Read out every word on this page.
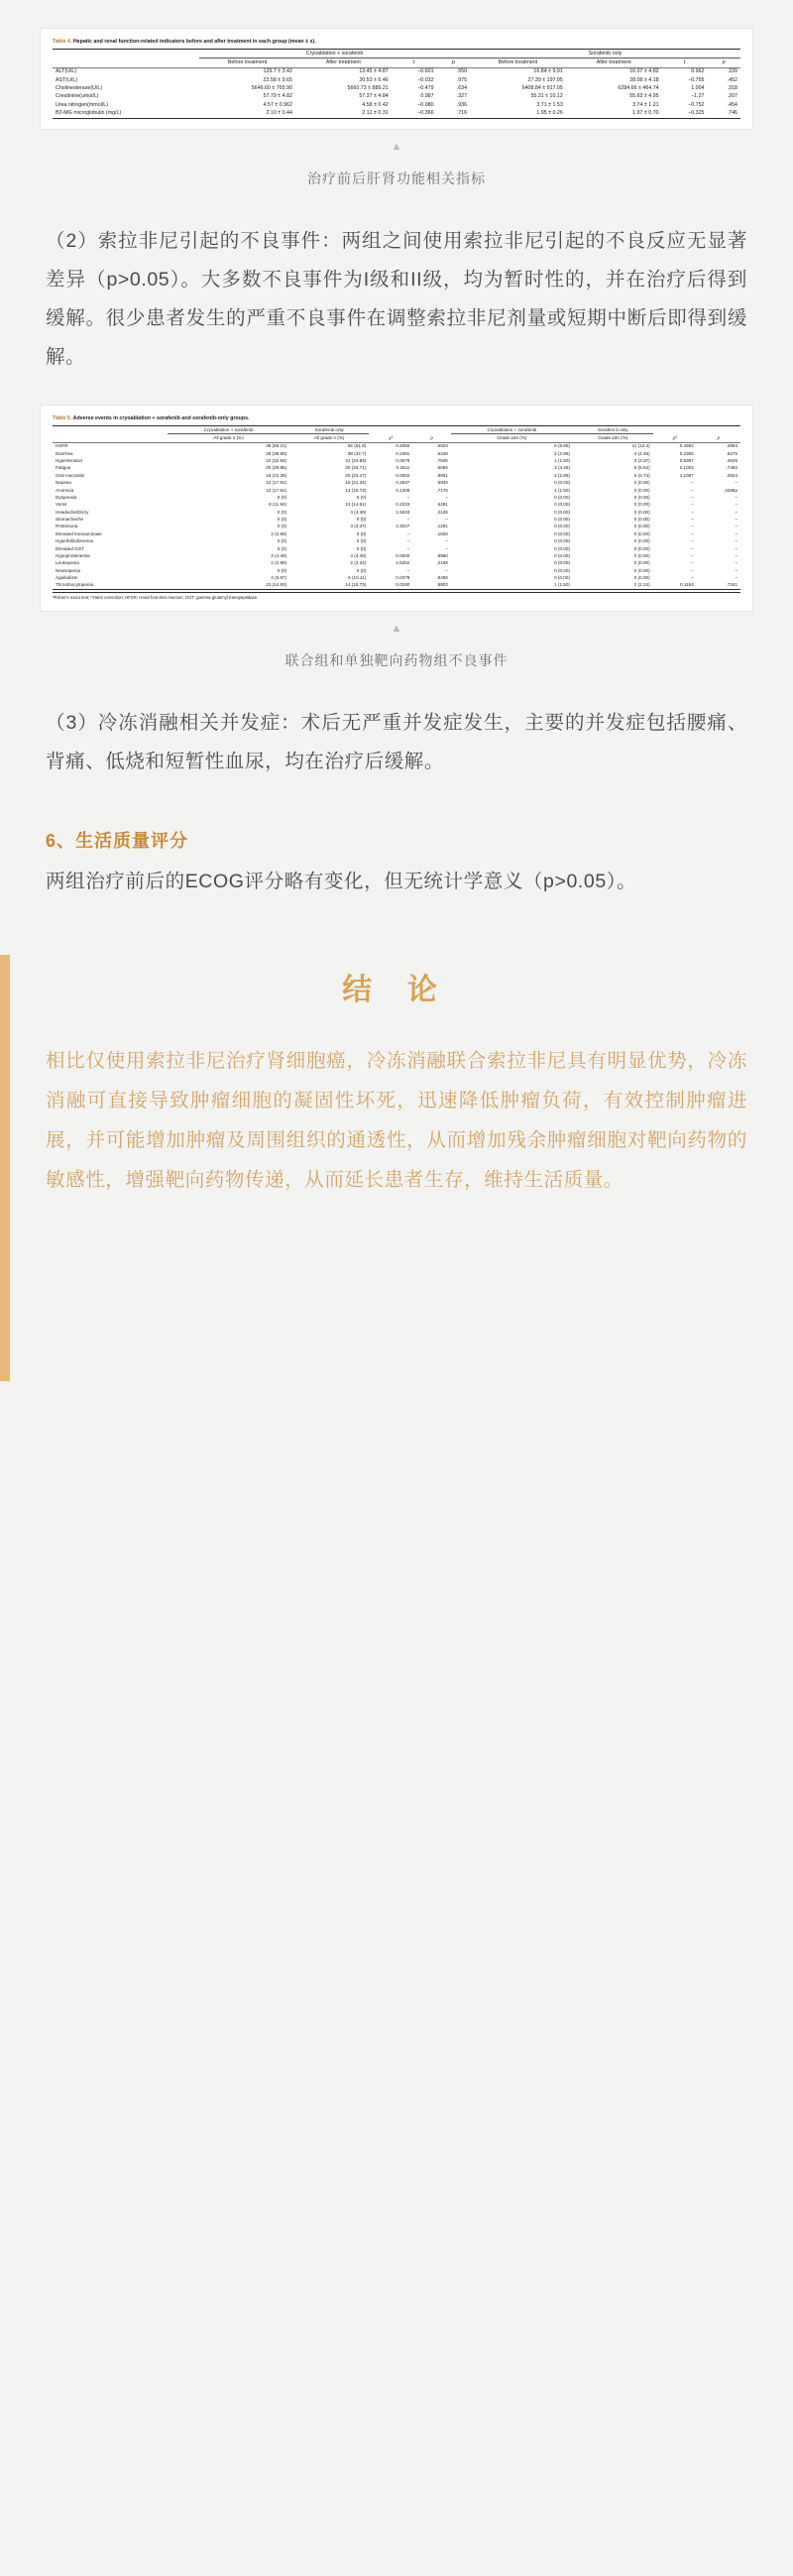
Table 4. Hepatic and renal function-related indicators before and after treatment in each group (mean ± s).
	Cryoablation + sorafenib				Sorafenib only			
	Before treatment	After treatment	t	p	Before treatment	After treatment	t	p
ALT(U/L)	129.7 ± 3.42	13.45 ± 4.87	−0.601	.550	16.84 ± 9.91	16.07 ± 4.82	0.962	.339
AST(U/L)	22.58 ± 9.65	20.53 ± 6.46	−0.032	.975	27.39 ± 197.05	28.09 ± 4.18	−0.755	.452
Cholinesterase(U/L)	5646.60 ± 765.90	5660.73 ± 889.21	−0.479	.634	6408.84 ± 917.05	6284.66 ± 464.74	1.004	.318
Creatinine(umol/L)	57.79 ± 4.82	57.37 ± 4.84	0.987	.327	55.31 ± 10.12	55.63 ± 4.95	−1.27	.207
Urea nitrogen(mmol/L)	4.57 ± 0.962	4.58 ± 0.42	−0.080	.936	3.71 ± 1.53	3.74 ± 1.21	−0.752	.454
B2-MG microglobulin (mg/L)	2.10 ± 0.44	2.12 ± 0.31	−0.366	.716	1.95 ± 0.26	1.97 ± 0.70	−0.325	.746
▲
治疗前后肝肾功能相关指标
（2）索拉非尼引起的不良事件：两组之间使用索拉非尼引起的不良反应无显著差异（p>0.05）。大多数不良事件为I级和II级，均为暂时性的，并在治疗后得到缓解。很少患者发生的严重不良事件在调整索拉非尼剂量或短期中断后即得到缓解。
Table 5. Adverse events in cryoablation + sorafenib and sorafenib-only groups.
	Cryoablation + sorafenib	Sorafenib only			Cryoablation + sorafenib	Sorafeni b only		
	All grade n (%)	All grade n (%)	χ²	p	Grade ≥3n (%)	Grade ≥3n (%)	χ²	p
HSFR	39 (58.21)	55 (61.8)	0.2056	.6503	6 (8.96)	11 (12.4)	0.4562	.4994
Diarrhea	26 (38.80)	38 (42.7)	0.2391	.6248	2 (2.99)	4 (4.49)	0.2355	.6275
Hypertension	22 (32.84)	31 (34.83)	0.0679	.7945	1 (1.50)	3 (3.37)	0.5397	.4625
Fatigue	20 (29.85)	30 (33.71)	0.2611	.6094	3 (4.48)	5 (5.62)	0.1022	.7492
Oral mucositis	15 (22.39)	20 (22.47)	0.0002	.9901	2 (2.99)	6 (6.74)	1.1087	.2924
Nausea	12 (17.91)	19 (21.34)	0.2837	.5943	0 (0.00)	0 (0.00)	–	–
Anorexia	12 (17.91)	14 (15.73)	0.1308	.7176	1 (1.50)	0 (0.00)	–	.4295a
Dyspeusia	0 (0)	0 (0)	–	–	0 (0.00)	0 (0.00)	–	–
Vomit	8 (11.94)	13 (14.61)	0.2333	.6291	0 (0.00)	0 (0.00)	–	–
Headache/Dizzy	0 (0)	4 (4.49)	1.5533	.2126	0 (0.00)	0 (0.00)	–	–
Stomachache	0 (0)	0 (0)	–	–	0 (0.00)	0 (0.00)	–	–
Proteinuria	0 (0)	3 (3.37)	2.3027	.1291	0 (0.00)	0 (0.00)	–	–
Elevated transaminase	2 (2.99)	0 (0)	–	.1829	0 (0.00)	0 (0.00)	–	–
Hyperbilirubinemia	0 (0)	0 (0)	–	–	0 (0.00)	0 (0.00)	–	–
Elevated GGT	0 (0)	0 (0)	–	–	0 (0.00)	0 (0.00)	–	–
Hypoproteinemia	3 (4.48)	4 (4.49)	0.0000	.9960	0 (0.00)	0 (0.00)	–	–
Leukopenia	2 (2.99)	2 (2.24)	1.5252	.2168	0 (0.00)	0 (0.00)	–	–
Neutropenia	0 (0)	0 (0)	–	–	0 (0.00)	0 (0.00)	–	–
Agiobulism	4 (5.97)	6 (10.11)	0.0379	.8456	0 (0.00)	0 (0.00)	–	–
Thrombocytopenia	10 (14.93)	14 (15.73)	0.0190	.8903	1 (1.50)	2 (2.24)	0.1154	.7341
ªFisher's exact test; ᵇYates correction; HFSR: Hand-foot skin reaction; GGT: gamma-glutamyl transpeptidase.
▲
联合组和单独靶向药物组不良事件
（3）冷冻消融相关并发症：术后无严重并发症发生，主要的并发症包括腰痛、背痛、低烧和短暂性血尿，均在治疗后缓解。
6、生活质量评分
两组治疗前后的ECOG评分略有变化，但无统计学意义（p>0.05）。
结 论
相比仅使用索拉非尼治疗肾细胞癌，冷冻消融联合索拉非尼具有明显优势，冷冻消融可直接导致肿瘤细胞的凝固性坏死，迅速降低肿瘤负荷，有效控制肿瘤进展，并可能增加肿瘤及周围组织的通透性，从而增加残余肿瘤细胞对靶向药物的敏感性，增强靶向药物传递，从而延长患者生存，维持生活质量。
